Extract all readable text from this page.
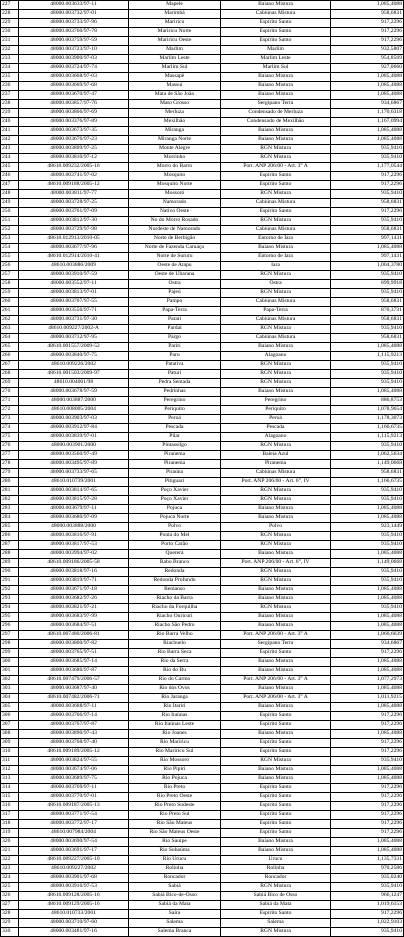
227	48000.003633/97-11	Mapele	Baiano Mistura	1,085,4088
228	48000.003732/97-01	Marimbá	Cabiúnas Mistura	958,6831
229	48000.003733/97-96	Mariricu	Espírito Santo	917,2296
230	48000.003760/97-78	Mariricu Norte	Espírito Santo	917,2296
231	48000.003759/97-59	Mariricu Oeste	Espírito Santo	917,2296
232	48000.003723/97-10	Marlim	Marlim	932,5807
233	48000.003900/97-03	Marlim Leste	Marlim Leste	954,8569
234	48000.003724/97-74	Marlim Sul	Marlim Sul	927,0660
235	48000.003668/97-03	Massapê	Baiano Mistura	1,085,4088
236	48000.003669/97-68	Massuí	Baiano Mistura	1,085,4088
237	48000.003670/97-47	Mata de São João	Baiano Mistura	1,085,4088
238	48000.003857/97-76	Mato Grosso	Sergipano Terra	934,6867
239	48000.003866/97-69	Merluza	Condensado de Merluza	1,170,6318
240	48000.003376/97-89	Mexilhão	Condensado de Mexilhão	1,167,0994
241	48000.003673/97-35	Miranga	Baiano Mistura	1,085,4088
242	48000.003676/97-23	Miranga Norte	Baiano Mistura	1,085,4088
243	48000.003809/97-25	Monte Alegre	RGN Mistura	935,9410
244	48000.003810/97-12	Morrinho	RGN Mistura	935,9410
245	48610.009232/2005-16	Morro do Barro	Port. ANP 206/00 - Art. 3° A	1,177,0544
246	48000.003741/97-02	Mosquito	Espírito Santo	917,2296
247	48610.009188/2005-12	Mosquito Norte	Espírito Santo	917,2296
248	48000.003811/97-77	Mossoró	RGN Mistura	935,9410
249	48000.003728/97-25	Namorado	Cabiúnas Mistura	958,6831
250	48000.003761/97-09	Nativo Oeste	Espírito Santo	917,2296
251	48000.003812/97-30	No do Morro Rosado	RGN Mistura	935,9410
252	48000.003729/97-98	Nordeste de Namorado	Cabiúnas Mistura	958,6831
253	48610.012913/2010-05	Norte de Berbigão	Entorno de Iara	997,1431
254	48000.003677/97-96	Norte de Fazenda Caruaçu	Baiano Mistura	1,085,4088
255	48610.012914/2010-41	Norte de Sururu	Entorno de Iara	997,1431
256	48610.003886/2009	Oeste de Atapu	Iara	1,004,3780
257	48000.003910/97-59	Oeste de Ubarana	RGN Mistura	935,9410
258	48000.003552/97-11	Ostra	Ostra	899,9918
259	48000.003813/97-01	Pajeú	RGN Mistura	935,9410
260	48000.003707/97-55	Pampo	Cabiúnas Mistura	958,6831
261	48000.003556/97-71	Papa-Terra	Papa-Terra	870,3731
262	48000.003731/97-30	Parati	Cabiúnas Mistura	958,6831
263	48610.009227/2002-A	Pardal	RGN Mistura	935,9410
264	48000.003712/97-95	Pargo	Cabiúnas Mistura	958,6831
265	48610.001557/2009-52	Pariri	Baiano Mistura	1,085,4088
266	48000.003840/97-75	Paru	Alagoano	1,115,9213
267	48610.009226/2002	Patativa	RGN Mistura	935,9410
268	48610.001503/2009-97	Paturi	RGN Mistura	935,9410
269	48610.004001/98	Pedra Sentada	RGN Mistura	935,9410
270	48000.003678/97-59	Pedrinhas	Baiano Mistura	1,085,4088
271	48000.003887/2000	Peregrino	Peregrino	886,8753
272	48610.008005/2004	Periquito	Periquito	1,078,9654
273	48000.003903/97-03	Peroá	Peroá	1,178,3073
274	48000.003912/97-84	Pescada	Pescada	1,166,6735
275	48000.003839/97-01	Pilar	Alagoano	1,115,9213
276	48000.003901/2000	Pintassilgo	RGN Mistura	935,9410
277	48000.003560/97-49	Piranema	Baleia Azul	1,062,5634
278	48000.003495/97-89	Piranema	Piranema	1,149,0668
279	48000.003733/97-65	Piraúna	Cabiúnas Mistura	958,6831
280	48610.010739/2001	Pitiguari	Port. ANP 206/00 - Art. 6°, IV	1,166,6735
281	48000.003814/97-65	Poço Xavier	RGN Mistura	935,9410
282	48000.003815/97-28	Poço Xavier	RGN Mistura	935,9410
283	48000.003679/97-11	Pojuca	Baiano Mistura	1,085,4088
284	48000.003680/97-09	Pojuca Norte	Baiano Mistura	1,085,4088
285	48000.003888/2000	Polvo	Polvo	923,1449
286	48000.003816/97-91	Ponta do Mel	RGN Mistura	935,9410
287	48000.003817/97-53	Porto Carão	RGN Mistura	935,9410
288	48000.003994/97-02	Quererá	Baiano Mistura	1,085,4088
289	48610.009186/2005-58	Rabo Branco	Port. ANP 206/00 - Art. 6°, IV	1,149,0668
290	48000.003818/97-16	Redonda	RGN Mistura	935,9410
291	48000.003819/97-71	Redonda Profundo	RGN Mistura	935,9410
292	48000.003671/97-18	Remanso	Baiano Mistura	1,085,4088
293	48000.003682/97-26	Riacho da Barra	Baiano Mistura	1,085,4088
294	48000.003821/97-21	Riacho da Forquilha	RGN Mistura	935,9410
295	48000.003683/97-99	Riacho Ouricuri	Baiano Mistura	1,085,4088
296	48000.003684/97-51	Riacho São Pedro	Baiano Mistura	1,085,4088
297	48610.007480/2006-81	Rio Barra Velho	Port. ANP 206/00 - Art. 3° A	1,066,6639
298	48000.003860/97-82	Riachuelo	Sergipano Terra	934,6867
299	48000.003765/97-51	Rio Barra Seca	Espírito Santo	917,2296
300	48000.003685/97-14	Rio da Serra	Baiano Mistura	1,085,4088
301	48000.003686/97-87	Rio do Bu	Baiano Mistura	1,085,4088
302	48610.007479/2006-57	Rio do Carmo	Port. ANP 206/00 - Art. 3° A	1,077,2973
303	48000.003687/97-40	Rio dos Ovos	Baiano Mistura	1,085,4088
304	48610.007482/2006-71	Rio Jaranga	Port. ANP 206/00 - Art. 3° A	1,011,9215
305	48000.003688/97-11	Rio Itariri	Baiano Mistura	1,085,4088
306	48000.003766/97-14	Rio Itaúnas	Espírito Santo	917,2296
307	48000.003767/97-87	Rio Itaúnas Leste	Espírito Santo	917,2296
308	48000.003890/97-43	Rio Joanes	Baiano Mistura	1,085,4088
309	48000.003768/97-40	Rio Mariricu	Espírito Santo	917,2296
310	48610.009189/2005-12	Rio Mariricu Sul	Espírito Santo	917,2296
311	48000.003824/97-55	Rio Mossoró	RGN Mistura	935,9410
312	48000.003674/97-06	Rio Pipiri	Baiano Mistura	1,085,4088
313	48000.003689/97-75	Rio Pojuca	Baiano Mistura	1,085,4088
314	48000.003769/97-11	Rio Preto	Espírito Santo	917,2296
315	48000.003770/97-01	Rio Preto Oeste	Espírito Santo	917,2296
316	48610.009187/2005-13	Rio Preto Sudeste	Espírito Santo	917,2296
317	48000.003771/97-54	Rio Preto Sul	Espírito Santo	917,2296
318	48000.003772/97-17	Rio São Mateus	Espírito Santo	917,2296
319	48610.007984/2004	Rio São Mateus Oeste	Espírito Santo	917,2296
320	48000.003690/97-54	Rio Sauipe	Baiano Mistura	1,085,4088
321	48000.003691/97-17	Rio Subaúma	Baiano Mistura	1,085,4088
322	48610.009227/2005-10	Rio Urucu	Urucu	1,135,7331
323	48610.009227/2002	Rolinha	Rolinha	970,2586
324	48000.003901/97-68	Roncador	Roncador	935,0240
325	48000.003916/97-53	Sabiá	RGN Mistura	935,9410
326	48610.009128/2005-16	Sabiá Bico-de-Osso	Sabiá Bico de Osso	966,1247
327	48610.009129/2005-16	Sabiá da Mata	Sabiá da Mata	1,019,6153
328	48610.010733/2001	Saíra	Espírito Santo	917,2296
329	48000.003710/97-60	Salema	Salema	1,022,9103
330	48000.003481/97-16	Salema Branca	RGN Mistura	935,9410
